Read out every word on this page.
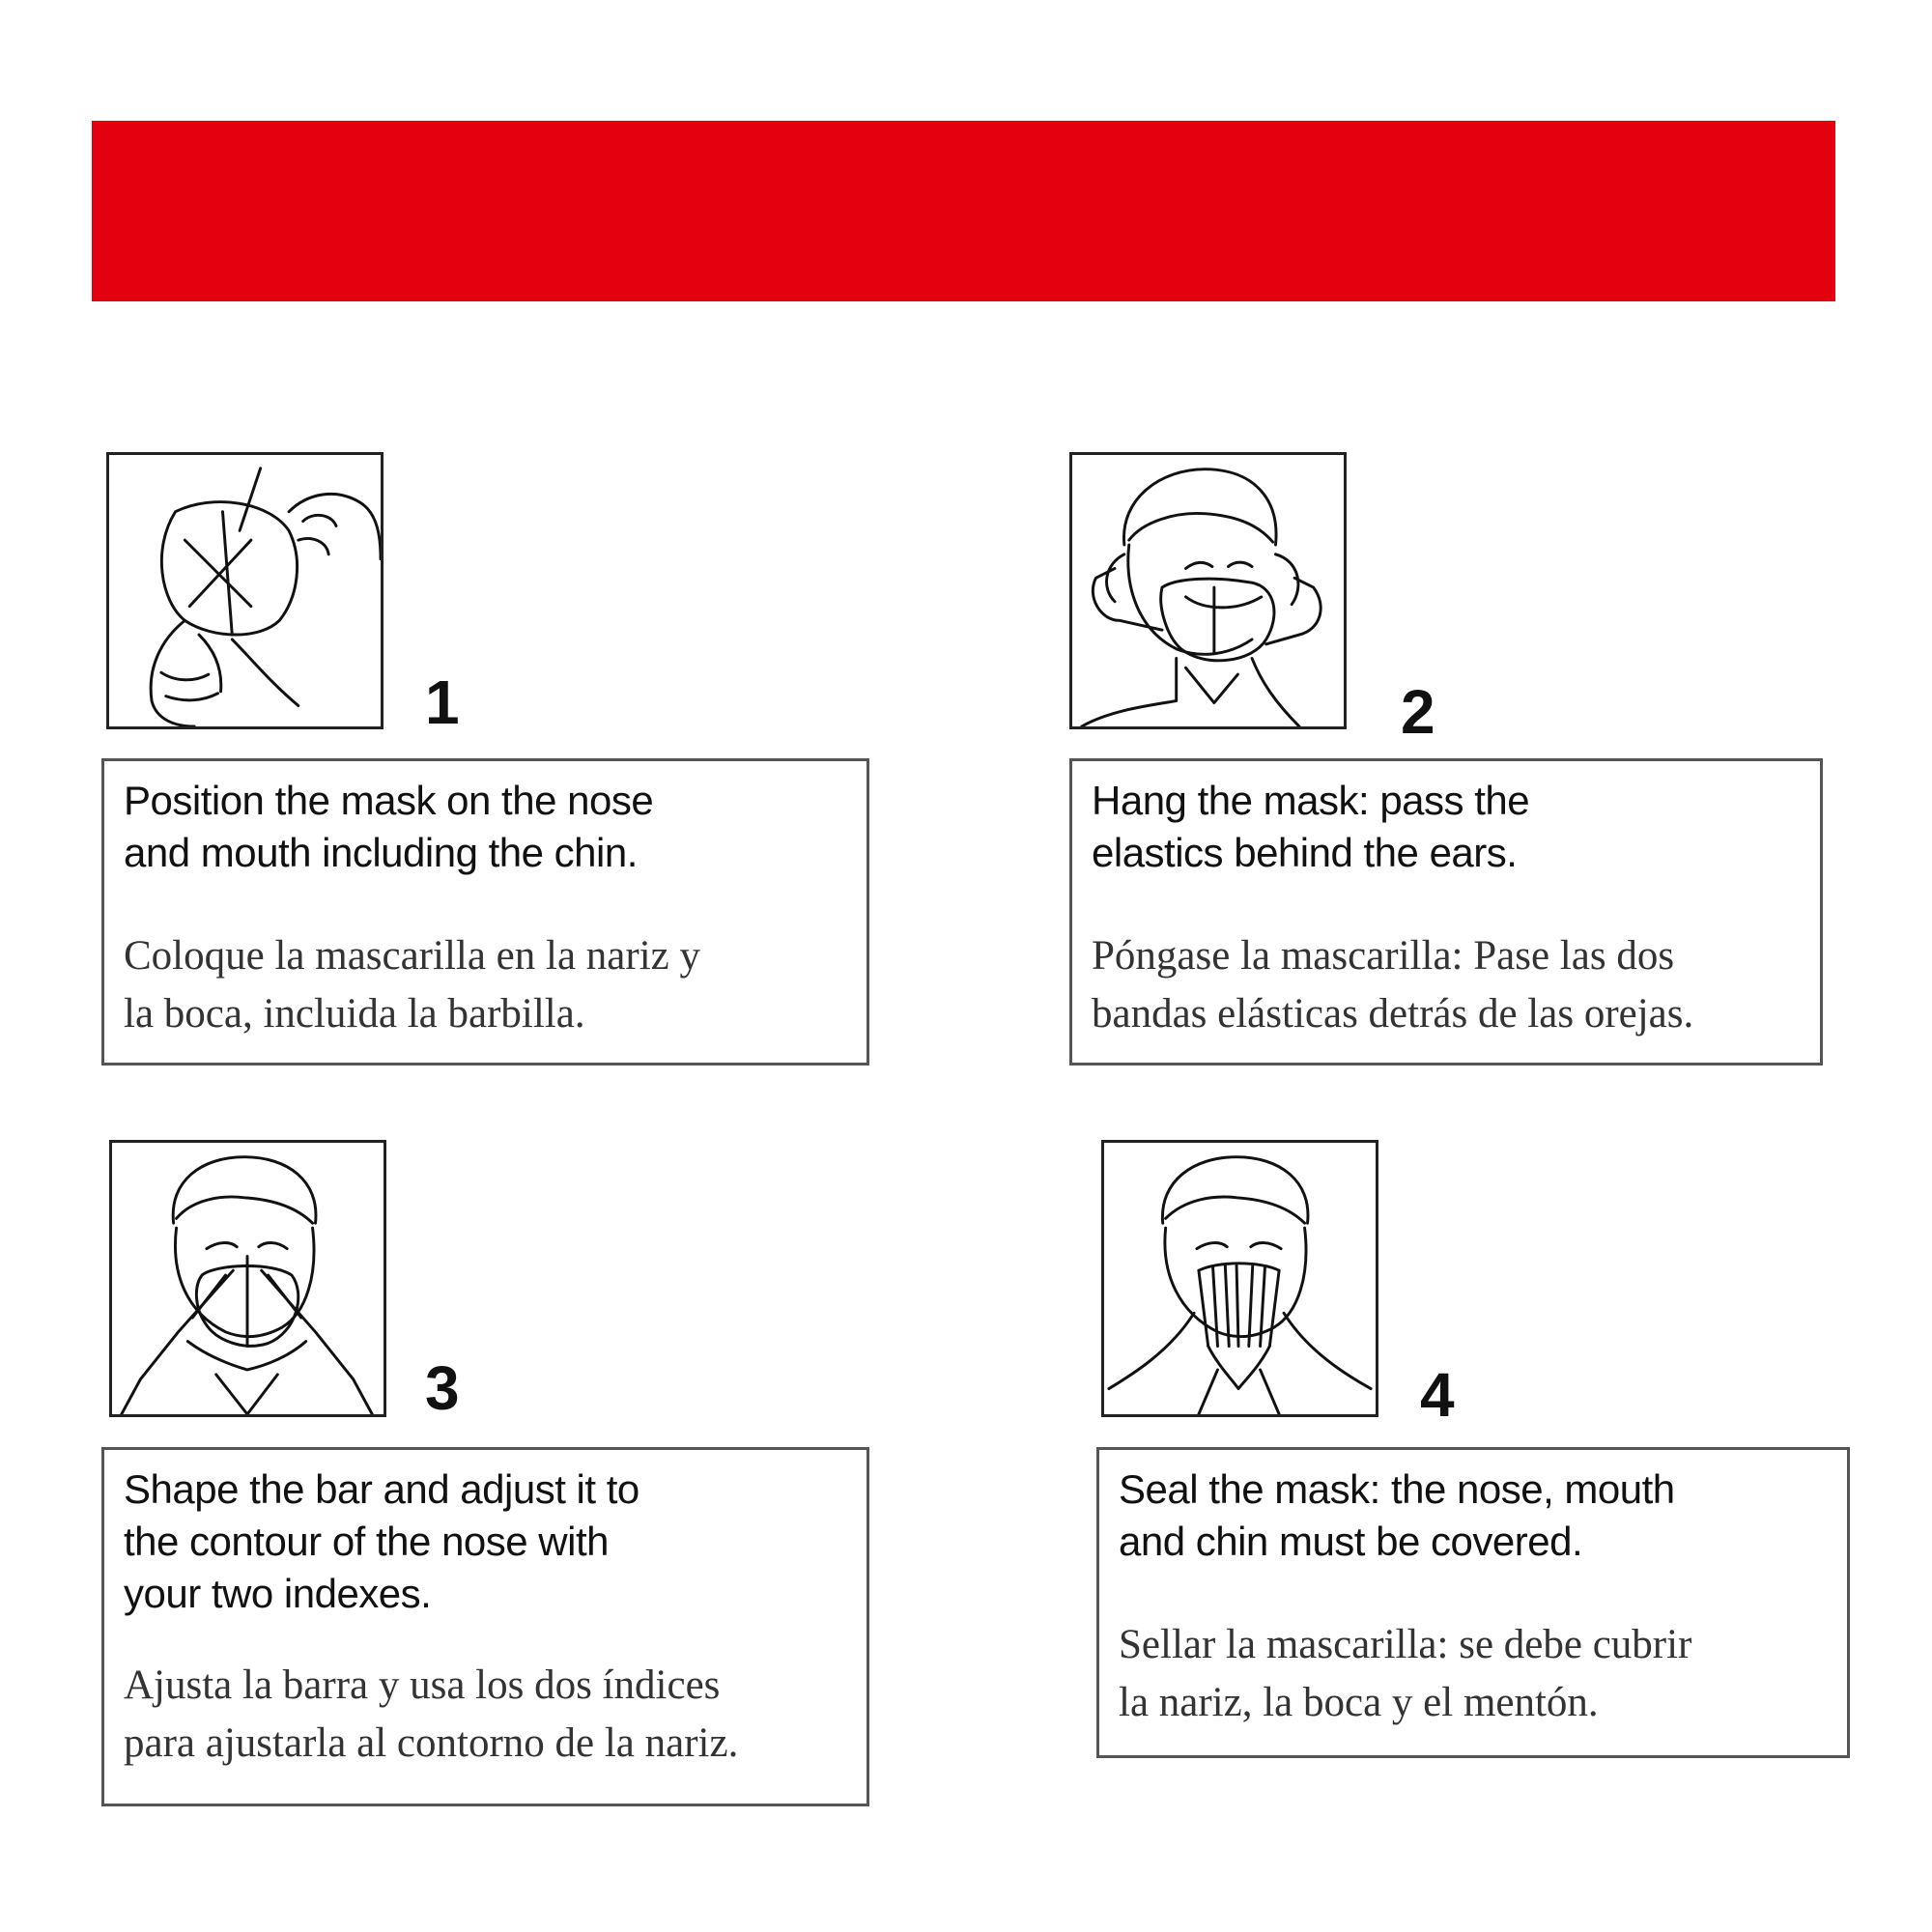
1
Position the mask on the nose
and mouth including the chin.
Coloque la mascarilla en la nariz y
la boca, incluida la barbilla.
2
Hang the mask: pass the
elastics behind the ears.
Póngase la mascarilla: Pase las dos
bandas elásticas detrás de las orejas.
3
Shape the bar and adjust it to
the contour of the nose with
your two indexes.
Ajusta la barra y usa los dos índices
para ajustarla al contorno de la nariz.
4
Seal the mask: the nose, mouth
and chin must be covered.
Sellar la mascarilla: se debe cubrir
la nariz, la boca y el mentón.
